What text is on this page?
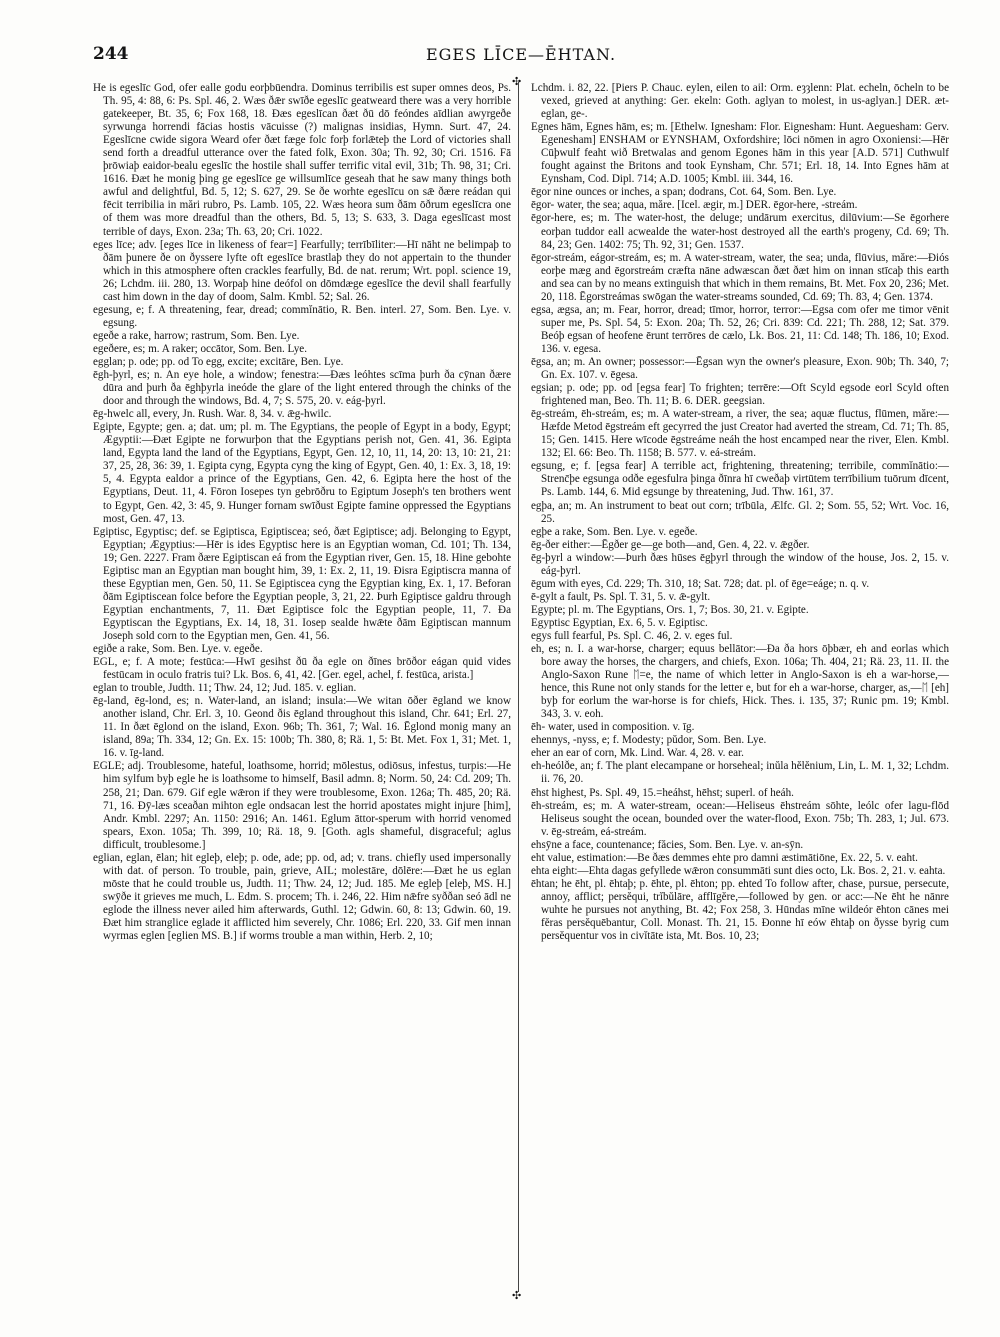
244	EGES LĪCE—ĒHTAN.
✣
✣

He is egeslīc God, ofer ealle godu eorþbūendra. Dominus terribilis est super omnes deos, Ps. Th. 95, 4: 88, 6: Ps. Spl. 46, 2. Wæs ðǣr swīðe egeslīc geatweard there was a very horrible gatekeeper, Bt. 35, 6; Fox 168, 18. Ðæs egeslīcan ðæt ðū dō feóndes aīdlian awyrgeðe syrwunga horrendi fācias hostis vācuisse (?) malignas insidias, Hymn. Surt. 47, 24. Egeslīcne cwide sigora Weard ofer ðæt fæge folc forþ forlǣteþ the Lord of victories shall send forth a dreadful utterance over the fated folk, Exon. 30a; Th. 92, 30; Cri. 1516. Fā þrōwiaþ eaidor-bealu egeslīc the hostile shall suffer terrific vital evil, 31b; Th. 98, 31; Cri. 1616. Ðæt he monig þing ge egeslīce ge willsumlīce geseah that he saw many things both awful and delightful, Bd. 5, 12; S. 627, 29. Se ðe worhte egeslīcu on sǣ ðære reádan qui fēcit terribilia in mări rubro, Ps. Lamb. 105, 22. Wæs heora sum ðām ōðrum egeslīcra one of them was more dreadful than the others, Bd. 5, 13; S. 633, 3. Daga egeslīcast most terrible of days, Exon. 23a; Th. 63, 20; Cri. 1022.

eges līce; adv. [eges līce in likeness of fear=] Fearfully; terrībīliter:—Hī nāht ne belimpaþ to ðām þunere ðe on ðyssere lyfte oft egeslīce brastlaþ they do not appertain to the thunder which in this atmosphere often crackles fearfully, Bd. de nat. rerum; Wrt. popl. science 19, 26; Lchdm. iii. 280, 13. Worpaþ hine deófol on dōmdæge egeslīce the devil shall fearfully cast him down in the day of doom, Salm. Kmbl. 52; Sal. 26.

egesung, e; f. A threatening, fear, dread; commĭnātio, R. Ben. interl. 27, Som. Ben. Lye. v. egsung.

egeðe a rake, harrow; rastrum, Som. Ben. Lye.

egeðere, es; m. A raker; occātor, Som. Ben. Lye.

egglan; p. ode; pp. od To egg, excite; excitāre, Ben. Lye.

ēgh-þyrl, es; n. An eye hole, a window; fenestra:—Ðæs leóhtes scīma þurh ða cȳnan ðære dūra and þurh ða ēghþyrla ineóde the glare of the light entered through the chinks of the door and through the windows, Bd. 4, 7; S. 575, 20. v. eág-þyrl.

ēg-hwelc all, every, Jn. Rush. War. 8, 34. v. ǣg-hwilc.

Egipte, Egypte; gen. a; dat. um; pl. m. The Egyptians, the people of Egypt in a body, Egypt; Ægyptii:—Ðæt Egipte ne forwurþon that the Egyptians perish not, Gen. 41, 36. Egipta land, Egypta land the land of the Egyptians, Egypt, Gen. 12, 10, 11, 14, 20: 13, 10: 21, 21: 37, 25, 28, 36: 39, 1. Egipta cyng, Egypta cyng the king of Egypt, Gen. 40, 1: Ex. 3, 18, 19: 5, 4. Egypta ealdor a prince of the Egyptians, Gen. 42, 6. Egipta here the host of the Egyptians, Deut. 11, 4. Fōron Iosepes tyn gebrōðru to Egiptum Joseph's ten brothers went to Egypt, Gen. 42, 3: 45, 9. Hunger fornam swīðust Egipte famine oppressed the Egyptians most, Gen. 47, 13.

Egiptisc, Egyptisc; def. se Egiptisca, Egiptiscea; seó, ðæt Egiptisce; adj. Belonging to Egypt, Egyptian; Ægyptius:—Hēr is ides Egyptisc here is an Egyptian woman, Cd. 101; Th. 134, 19; Gen. 2227. Fram ðære Egiptiscan eá from the Egyptian river, Gen. 15, 18. Hine gebohte Egiptisc man an Egyptian man bought him, 39, 1: Ex. 2, 11, 19. Ðisra Egiptiscra manna of these Egyptian men, Gen. 50, 11. Se Egiptiscea cyng the Egyptian king, Ex. 1, 17. Beforan ðām Egiptiscean folce before the Egyptian people, 3, 21, 22. Þurh Egiptisce galdru through Egyptian enchantments, 7, 11. Ðæt Egiptisce folc the Egyptian people, 11, 7. Ða Egyptiscan the Egyptians, Ex. 14, 18, 31. Iosep sealde hwǣte ðām Egiptiscan mannum Joseph sold corn to the Egyptian men, Gen. 41, 56.

egiðe a rake, Som. Ben. Lye. v. egeðe.

EGL, e; f. A mote; festūca:—Hwī gesihst ðū ða egle on ðīnes brōðor eágan quid vides festūcam in oculo fratris tui? Lk. Bos. 6, 41, 42. [Ger. egel, achel, f. festūca, arista.]

eglan to trouble, Judth. 11; Thw. 24, 12; Jud. 185. v. eglian.

ēg-land, ēg-lond, es; n. Water-land, an island; insula:—We witan ōðer ēgland we know another island, Chr. Erl. 3, 10. Geond ðis ēgland throughout this island, Chr. 641; Erl. 27, 11. In ðæt ēglond on the island, Exon. 96b; Th. 361, 7; Wal. 16. Ēglond monig many an island, 89a; Th. 334, 12; Gn. Ex. 15: 100b; Th. 380, 8; Rä. 1, 5: Bt. Met. Fox 1, 31; Met. 1, 16. v. īg-land.

EGLE; adj. Troublesome, hateful, loathsome, horrid; mōlestus, odiōsus, infestus, turpis:—He him sylfum byþ egle he is loathsome to himself, Basil admn. 8; Norm. 50, 24: Cd. 209; Th. 258, 21; Dan. 679. Gif egle wǣron if they were troublesome, Exon. 126a; Th. 485, 20; Rä. 71, 16. Ðȳ-læs sceaðan mihton egle ondsacan lest the horrid apostates might injure [him], Andr. Kmbl. 2297; An. 1150: 2916; An. 1461. Eglum āttor-sperum with horrid venomed spears, Exon. 105a; Th. 399, 10; Rä. 18, 9. [Goth. agls shameful, disgraceful; aglus difficult, troublesome.]

eglian, eglan, ēlan; hit egleþ, eleþ; p. ode, ade; pp. od, ad; v. trans. chiefly used impersonally with dat. of person. To trouble, pain, grieve, AIL; molestāre, dōlēre:—Ðæt he us eglan mōste that he could trouble us, Judth. 11; Thw. 24, 12; Jud. 185. Me egleþ [eleþ, MS. H.] swȳðe it grieves me much, L. Edm. S. procem; Th. i. 246, 22. Him nǣfre syððan seó ādl ne eglode the illness never ailed him afterwards, Guthl. 12; Gdwin. 60, 8: 13; Gdwin. 60, 19. Ðæt him stranglice eglade it afflicted him severely, Chr. 1086; Erl. 220, 33. Gif men innan wyrmas eglen [eglien MS. B.] if worms trouble a man within, Herb. 2, 10;

Lchdm. i. 82, 22. [Piers P. Chauc. eylen, eilen to ail: Orm. eȝȝlenn: Plat. echeln, ōcheln to be vexed, grieved at anything: Ger. ekeln: Goth. aglyan to molest, in us-aglyan.] DER. æt-eglan, ge-.

Egnes hām, Egnes hām, es; m. [Ethelw. Ignesham: Flor. Eignesham: Hunt. Aeguesham: Gerv. Egenesham] ENSHAM or EYNSHAM, Oxfordshire; lōci nōmen in agro Oxoniensi:—Hēr Cūþwulf feaht wið Bretwalas and genom Egones hām in this year [A.D. 571] Cuthwulf fought against the Britons and took Eynsham, Chr. 571; Erl. 18, 14. Into Egnes hām at Eynsham, Cod. Dipl. 714; A.D. 1005; Kmbl. iii. 344, 16.

ēgor nine ounces or inches, a span; dodrans, Cot. 64, Som. Ben. Lye.

ēgor- water, the sea; aqua, măre. [Icel. ægir, m.] DER. ēgor-here, -streám.

ēgor-here, es; m. The water-host, the deluge; undārum exercitus, dilūvium:—Se ēgorhere eorþan tuddor eall acwealde the water-host destroyed all the earth's progeny, Cd. 69; Th. 84, 23; Gen. 1402: 75; Th. 92, 31; Gen. 1537.

ēgor-streám, eágor-streám, es; m. A water-stream, water, the sea; unda, flūvius, măre:—Ðiós eorþe mæg and ēgorstreám cræfta nāne adwæscan ðæt ðæt him on innan stīcaþ this earth and sea can by no means extinguish that which in them remains, Bt. Met. Fox 20, 236; Met. 20, 118. Ēgorstreámas swōgan the water-streams sounded, Cd. 69; Th. 83, 4; Gen. 1374.

egsa, ægsa, an; m. Fear, horror, dread; tīmor, horror, terror:—Egsa com ofer me timor vēnit super me, Ps. Spl. 54, 5: Exon. 20a; Th. 52, 26; Cri. 839: Cd. 221; Th. 288, 12; Sat. 379. Beóþ egsan of heofene ērunt terrōres de cælo, Lk. Bos. 21, 11: Cd. 148; Th. 186, 10; Exod. 136. v. egesa.

ēgsa, an; m. An owner; possessor:—Ēgsan wyn the owner's pleasure, Exon. 90b; Th. 340, 7; Gn. Ex. 107. v. ēgesa.

egsian; p. ode; pp. od [egsa fear] To frighten; terrēre:—Oft Scyld egsode eorl Scyld often frightened man, Beo. Th. 11; B. 6. DER. geegsian.

ēg-streám, ēh-streám, es; m. A water-stream, a river, the sea; aquæ fluctus, flūmen, măre:—Hæfde Metod ēgstreám eft gecyrred the just Creator had averted the stream, Cd. 71; Th. 85, 15; Gen. 1415. Here wīcode ēgstreáme neáh the host encamped near the river, Elen. Kmbl. 132; El. 66: Beo. Th. 1158; B. 577. v. eá-streám.

egsung, e; f. [egsa fear] A terrible act, frightening, threatening; terribile, commĭnātio:—Strenc̄þe egsunga odðe egesfulra þinga ðīnra hī cweðaþ virtūtem terrībilium tuōrum dīcent, Ps. Lamb. 144, 6. Mid egsunge by threatening, Jud. Thw. 161, 37.

egþa, an; m. An instrument to beat out corn; trībūla, Ælfc. Gl. 2; Som. 55, 52; Wrt. Voc. 16, 25.

egþe a rake, Som. Ben. Lye. v. egeðe.

ēg-ðer either:—Ēgðer ge—ge both—and, Gen. 4, 22. v. ǣgðer.

ēg-þyrl a window:—Þurh ðæs hūses ēgþyrl through the window of the house, Jos. 2, 15. v. eág-þyrl.

ēgum with eyes, Cd. 229; Th. 310, 18; Sat. 728; dat. pl. of ēge=eáge; n. q. v.

ē-gylt a fault, Ps. Spl. T. 31, 5. v. ǣ-gylt.

Egypte; pl. m. The Egyptians, Ors. 1, 7; Bos. 30, 21. v. Egipte.

Egyptisc Egyptian, Ex. 6, 5. v. Egiptisc.

egys full fearful, Ps. Spl. C. 46, 2. v. eges ful.

eh, es; n. I. a war-horse, charger; equus bellātor:—Ða ða hors ōþbær, eh and eorlas which bore away the horses, the chargers, and chiefs, Exon. 106a; Th. 404, 21; Rä. 23, 11. II. the Anglo-Saxon Rune ᛖ=e, the name of which letter in Anglo-Saxon is eh a war-horse,—hence, this Rune not only stands for the letter e, but for eh a war-horse, charger, as,—ᛖ [eh] byþ for eorlum the war-horse is for chiefs, Hick. Thes. i. 135, 37; Runic pm. 19; Kmbl. 343, 3. v. eoh.

ēh- water, used in composition. v. īg.

ehennys, -nyss, e; f. Modesty; pŭdor, Som. Ben. Lye.

eher an ear of corn, Mk. Lind. War. 4, 28. v. ear.

eh-heólðe, an; f. The plant elecampane or horseheal; inŭla hĕlĕnium, Lin, L. M. 1, 32; Lchdm. ii. 76, 20.

ēhst highest, Ps. Spl. 49, 15.=heáhst, hēhst; superl. of heáh.

ēh-streám, es; m. A water-stream, ocean:—Heliseus ēhstreám sōhte, leólc ofer lagu-flōd Heliseus sought the ocean, bounded over the water-flood, Exon. 75b; Th. 283, 1; Jul. 673. v. ēg-streám, eá-streám.

ehsȳne a face, countenance; făcies, Som. Ben. Lye. v. an-sȳn.

eht value, estimation:—Be ðæs demmes ehte pro damni æstimātiōne, Ex. 22, 5. v. eaht.

ehta eight:—Ehta dagas gefyllede wǣron consummāti sunt dies octo, Lk. Bos. 2, 21. v. eahta.

ēhtan; he ēht, pl. ēhtaþ; p. ēhte, pl. ēhton; pp. ehted To follow after, chase, pursue, persecute, annoy, afflict; persĕqui, trĭbŭlāre, afflīgĕre,—followed by gen. or acc:—Ne ēht he nānre wuhte he pursues not anything, Bt. 42; Fox 258, 3. Hūndas mīne wildeór ēhton cānes mei fĕras persĕquēbantur, Coll. Monast. Th. 21, 15. Ðonne hī eów ēhtaþ on ðysse byrig cum persĕquentur vos in civĭtāte ista, Mt. Bos. 10, 23;
